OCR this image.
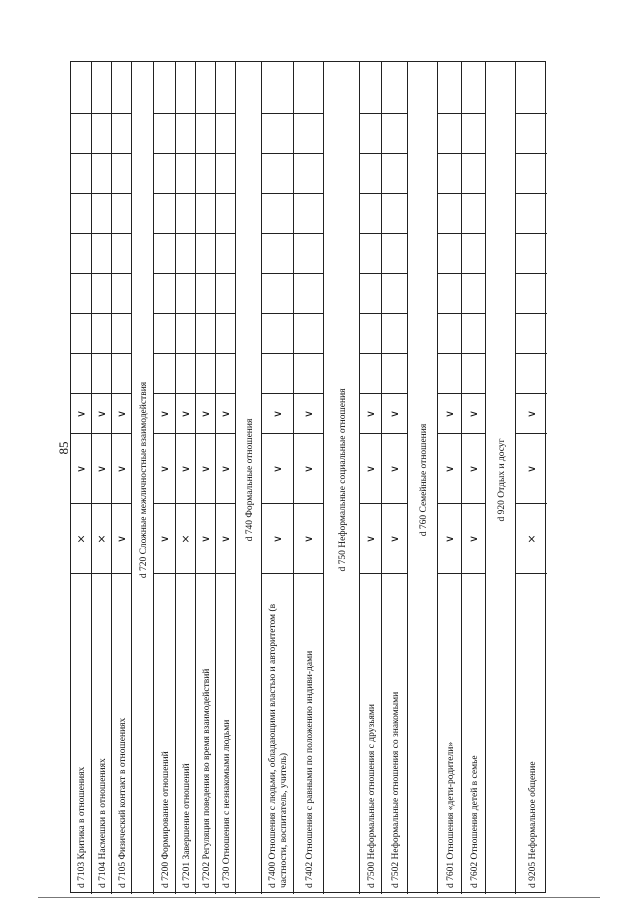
85
d 7103 Критика в отношениях
×
∨
∨
d 7104 Насмешки в отношениях
×
∨
∨
d 7105 Физический контакт в отношениях
∨
∨
∨
d 720 Сложные межличностные взаимодействия
d 7200 Формирование отношений
∨
∨
∨
d 7201 Завершение отношений
×
∨
∨
d 7202 Регуляция поведения во время взаимодействий
∨
∨
∨
d 730 Отношения с незнакомыми людьми
∨
∨
∨
d 740 Формальные отношения
d 7400 Отношения с людьми, обладающими властью и авторитетом (в частности, воспитатель, учитель)
∨
∨
∨
d 7402 Отношения с равными по положению индиви-дами
∨
∨
∨
d 750 Неформальные социальные отношения
d 7500 Неформальные отношения с друзьями
∨
∨
∨
d 7502 Неформальные отношения со знакомыми
∨
∨
∨
d 760 Семейные отношения
d 7601 Отношения «дети-родители»
∨
∨
∨
d 7602 Отношения детей в семье
∨
∨
∨
d 920 Отдых и досуг
d 9205 Неформальное общение
×
∨
∨
